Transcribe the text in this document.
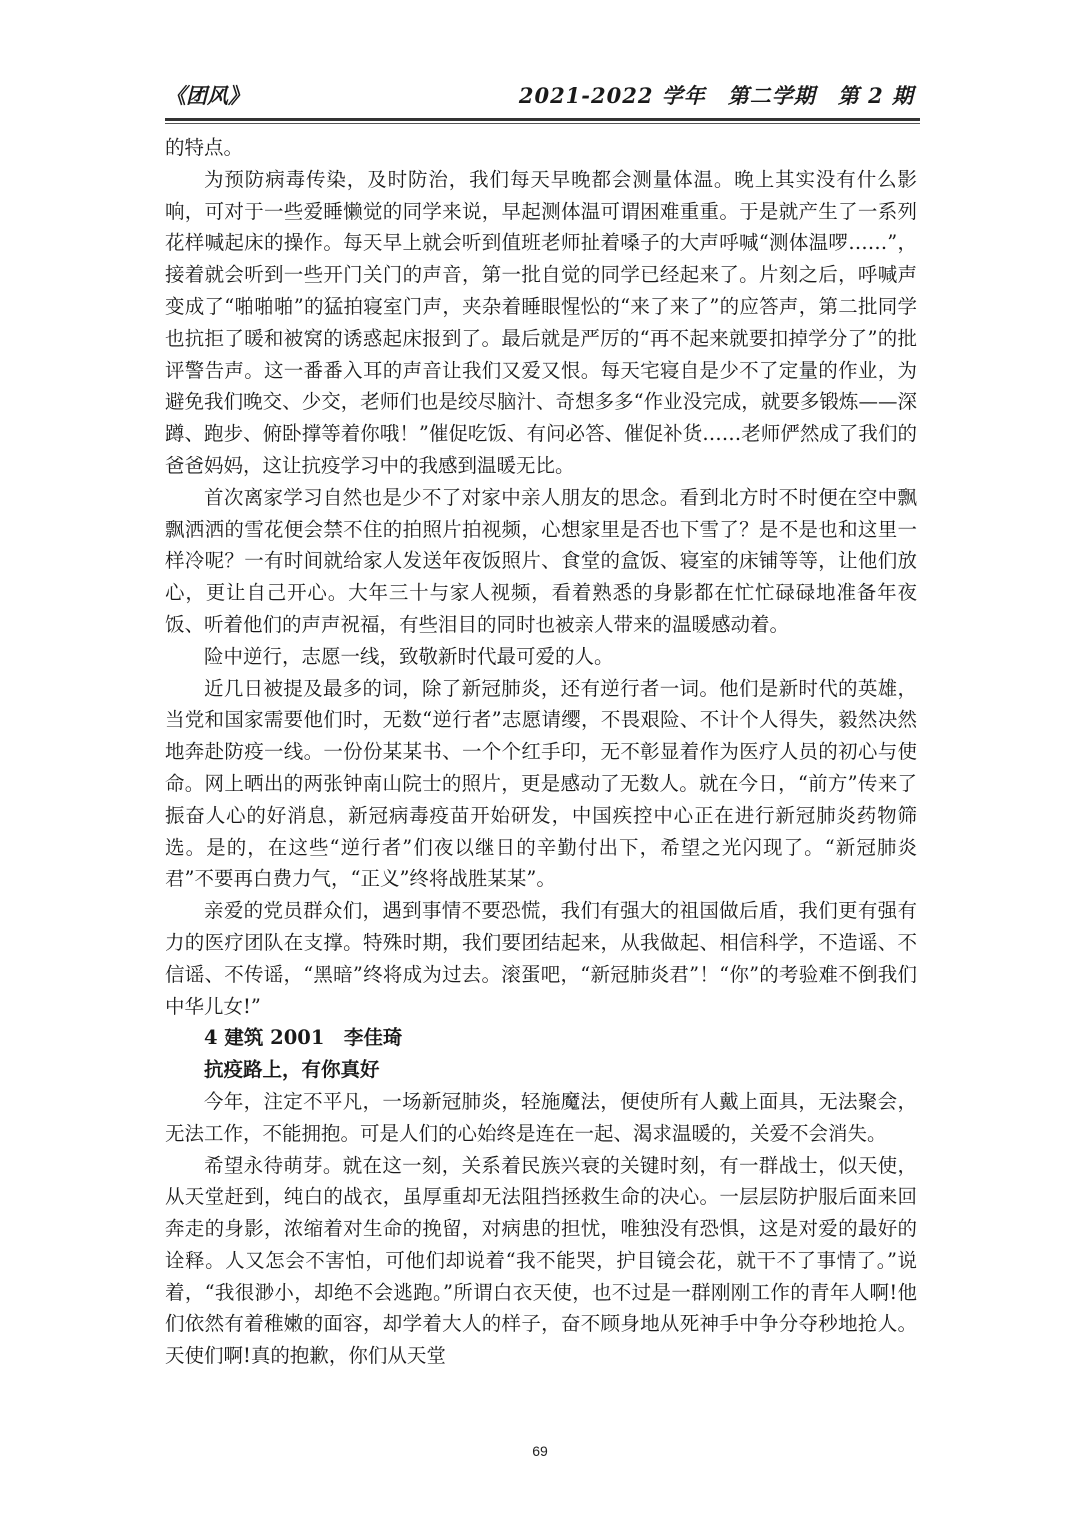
《团风》	2021-2022 学年　第二学期　第 2 期

的特点。

为预防病毒传染，及时防治，我们每天早晚都会测量体温。晚上其实没有什么影响，可对于一些爱睡懒觉的同学来说，早起测体温可谓困难重重。于是就产生了一系列花样喊起床的操作。每天早上就会听到值班老师扯着嗓子的大声呼喊“测体温啰……”，接着就会听到一些开门关门的声音，第一批自觉的同学已经起来了。片刻之后，呼喊声变成了“啪啪啪”的猛拍寝室门声，夹杂着睡眼惺忪的“来了来了”的应答声，第二批同学也抗拒了暖和被窝的诱惑起床报到了。最后就是严厉的“再不起来就要扣掉学分了”的批评警告声。这一番番入耳的声音让我们又爱又恨。每天宅寝自是少不了定量的作业，为避免我们晚交、少交，老师们也是绞尽脑汁、奇想多多“作业没完成，就要多锻炼——深蹲、跑步、俯卧撑等着你哦！”催促吃饭、有问必答、催促补货……老师俨然成了我们的爸爸妈妈，这让抗疫学习中的我感到温暖无比。

首次离家学习自然也是少不了对家中亲人朋友的思念。看到北方时不时便在空中飘飘洒洒的雪花便会禁不住的拍照片拍视频，心想家里是否也下雪了？是不是也和这里一样冷呢？一有时间就给家人发送年夜饭照片、食堂的盒饭、寝室的床铺等等，让他们放心，更让自己开心。大年三十与家人视频，看着熟悉的身影都在忙忙碌碌地准备年夜饭、听着他们的声声祝福，有些泪目的同时也被亲人带来的温暖感动着。

险中逆行，志愿一线，致敬新时代最可爱的人。

近几日被提及最多的词，除了新冠肺炎，还有逆行者一词。他们是新时代的英雄，当党和国家需要他们时，无数“逆行者”志愿请缨，不畏艰险、不计个人得失，毅然决然地奔赴防疫一线。一份份某某书、一个个红手印，无不彰显着作为医疗人员的初心与使命。网上晒出的两张钟南山院士的照片，更是感动了无数人。就在今日，“前方”传来了振奋人心的好消息，新冠病毒疫苗开始研发，中国疾控中心正在进行新冠肺炎药物筛选。是的，在这些“逆行者”们夜以继日的辛勤付出下，希望之光闪现了。“新冠肺炎君”不要再白费力气，“正义”终将战胜某某”。

亲爱的党员群众们，遇到事情不要恐慌，我们有强大的祖国做后盾，我们更有强有力的医疗团队在支撑。特殊时期，我们要团结起来，从我做起、相信科学，不造谣、不信谣、不传谣，“黑暗”终将成为过去。滚蛋吧，“新冠肺炎君”！“你”的考验难不倒我们中华儿女!”

4 建筑 2001　李佳琦

抗疫路上，有你真好

今年，注定不平凡，一场新冠肺炎，轻施魔法，便使所有人戴上面具，无法聚会，无法工作，不能拥抱。可是人们的心始终是连在一起、渴求温暖的，关爱不会消失。

希望永待萌芽。就在这一刻，关系着民族兴衰的关键时刻，有一群战士，似天使，从天堂赶到，纯白的战衣，虽厚重却无法阻挡拯救生命的决心。一层层防护服后面来回奔走的身影，浓缩着对生命的挽留，对病患的担忧，唯独没有恐惧，这是对爱的最好的诠释。人又怎会不害怕，可他们却说着“我不能哭，护目镜会花，就干不了事情了。”说着，“我很渺小，却绝不会逃跑。”所谓白衣天使，也不过是一群刚刚工作的青年人啊!他们依然有着稚嫩的面容，却学着大人的样子，奋不顾身地从死神手中争分夺秒地抢人。天使们啊!真的抱歉，你们从天堂

69
